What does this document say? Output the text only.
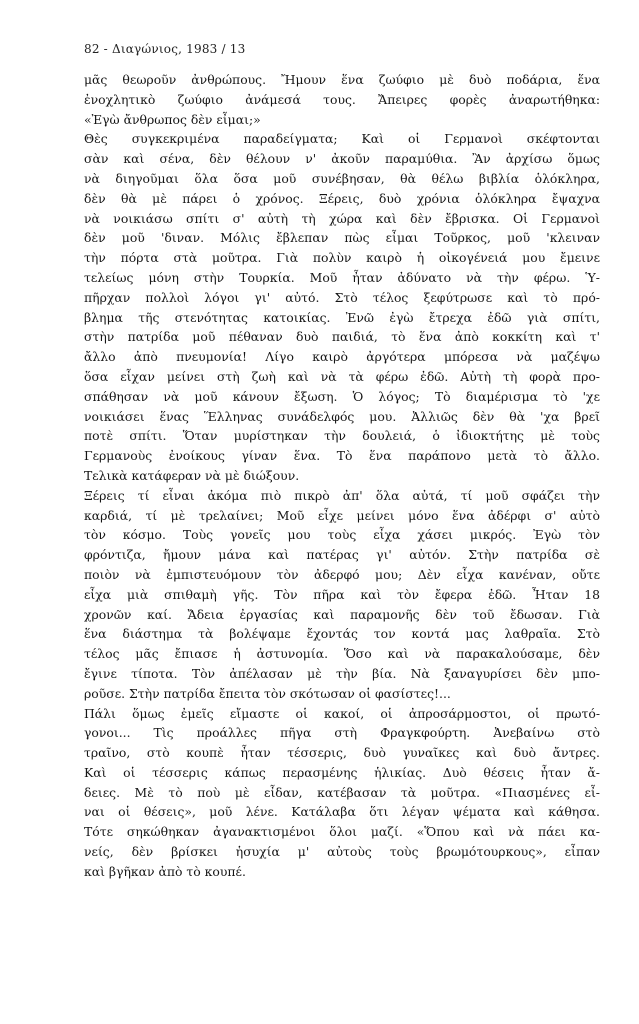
82 - Διαγώνιος, 1983 / 13
μᾶς θεωροῦν ἀνθρώπους. Ἤμουν ἕνα ζωύφιο μὲ δυὸ ποδάρια, ἕνα
ἐνοχλητικὸ ζωύφιο ἀνάμεσά τους. Ἄπειρες φορὲς ἀναρωτήθηκα:
«Ἐγὼ ἄνθρωπος δὲν εἶμαι;»
Θὲς συγκεκριμένα παραδείγματα; Καὶ οἱ Γερμανοὶ σκέφτονται
σὰν καὶ σένα, δὲν θέλουν ν' ἀκοῦν παραμύθια. Ἂν ἀρχίσω ὅμως
νὰ διηγοῦμαι ὅλα ὅσα μοῦ συνέβησαν, θὰ θέλω βιβλία ὁλόκληρα,
δὲν θὰ μὲ πάρει ὁ χρόνος. Ξέρεις, δυὸ χρόνια ὁλόκληρα ἔψαχνα
νὰ νοικιάσω σπίτι σ' αὐτὴ τὴ χώρα καὶ δὲν ἔβρισκα. Οἱ Γερμανοὶ
δὲν μοῦ 'διναν. Μόλις ἔβλεπαν πὼς εἶμαι Τοῦρκος, μοῦ 'κλειναν
τὴν πόρτα στὰ μοῦτρα. Γιὰ πολὺν καιρὸ ἡ οἰκογένειά μου ἔμεινε
τελείως μόνη στὴν Τουρκία. Μοῦ ἦταν ἀδύνατο νὰ τὴν φέρω. Ὑ-
πῆρχαν πολλοὶ λόγοι γι' αὐτό. Στὸ τέλος ξεφύτρωσε καὶ τὸ πρό-
βλημα τῆς στενότητας κατοικίας. Ἐνῶ ἐγὼ ἔτρεχα ἐδῶ γιὰ σπίτι,
στὴν πατρίδα μοῦ πέθαναν δυὸ παιδιά, τὸ ἕνα ἀπὸ κοκκίτη καὶ τ'
ἄλλο ἀπὸ πνευμονία! Λίγο καιρὸ ἀργότερα μπόρεσα νὰ μαζέψω
ὅσα εἶχαν μείνει στὴ ζωὴ καὶ νὰ τὰ φέρω ἐδῶ. Αὐτὴ τὴ φορὰ προ-
σπάθησαν νὰ μοῦ κάνουν ἔξωση. Ὁ λόγος; Τὸ διαμέρισμα τὸ 'χε
νοικιάσει ἕνας Ἕλληνας συνάδελφός μου. Ἀλλιῶς δὲν θὰ 'χα βρεῖ
ποτὲ σπίτι. Ὅταν μυρίστηκαν τὴν δουλειά, ὁ ἰδιοκτήτης μὲ τοὺς
Γερμανοὺς ἐνοίκους γίναν ἕνα. Τὸ ἕνα παράπονο μετὰ τὸ ἄλλο.
Τελικὰ κατάφεραν νὰ μὲ διώξουν.
Ξέρεις τί εἶναι ἀκόμα πιὸ πικρὸ ἀπ' ὅλα αὐτά, τί μοῦ σφάζει τὴν
καρδιά, τί μὲ τρελαίνει; Μοῦ εἶχε μείνει μόνο ἕνα ἀδέρφι σ' αὐτὸ
τὸν κόσμο. Τοὺς γονεῖς μου τοὺς εἶχα χάσει μικρός. Ἐγὼ τὸν
φρόντιζα, ἤμουν μάνα καὶ πατέρας γι' αὐτόν. Στὴν πατρίδα σὲ
ποιὸν νὰ ἐμπιστευόμουν τὸν ἀδερφό μου; Δὲν εἶχα κανέναν, οὔτε
εἶχα μιὰ σπιθαμὴ γῆς. Τὸν πῆρα καὶ τὸν ἔφερα ἐδῶ. Ἦταν 18
χρονῶν καί. Ἄδεια ἐργασίας καὶ παραμονῆς δὲν τοῦ ἔδωσαν. Γιὰ
ἕνα διάστημα τὰ βολέψαμε ἔχοντάς τον κοντά μας λαθραῖα. Στὸ
τέλος μᾶς ἔπιασε ἡ ἀστυνομία. Ὅσο καὶ νὰ παρακαλούσαμε, δὲν
ἔγινε τίποτα. Τὸν ἀπέλασαν μὲ τὴν βία. Νὰ ξαναγυρίσει δὲν μπο-
ροῦσε. Στὴν πατρίδα ἔπειτα τὸν σκότωσαν οἱ φασίστες!...
Πάλι ὅμως ἐμεῖς εἴμαστε οἱ κακοί, οἱ ἀπροσάρμοστοι, οἱ πρωτό-
γονοι... Τὶς προάλλες πῆγα στὴ Φραγκφούρτη. Ἀνεβαίνω στὸ
τραῖνο, στὸ κουπὲ ἦταν τέσσερις, δυὸ γυναῖκες καὶ δυὸ ἄντρες.
Καὶ οἱ τέσσερις κάπως περασμένης ἡλικίας. Δυὸ θέσεις ἦταν ἄ-
δειες. Μὲ τὸ ποὺ μὲ εἶδαν, κατέβασαν τὰ μοῦτρα. «Πιασμένες εἶ-
ναι οἱ θέσεις», μοῦ λένε. Κατάλαβα ὅτι λέγαν ψέματα καὶ κάθησα.
Τότε σηκώθηκαν ἀγανακτισμένοι ὅλοι μαζί. «Ὅπου καὶ νὰ πάει κα-
νείς, δὲν βρίσκει ἡσυχία μ' αὐτοὺς τοὺς βρωμότουρκους», εἶπαν
καὶ βγῆκαν ἀπὸ τὸ κουπέ.
